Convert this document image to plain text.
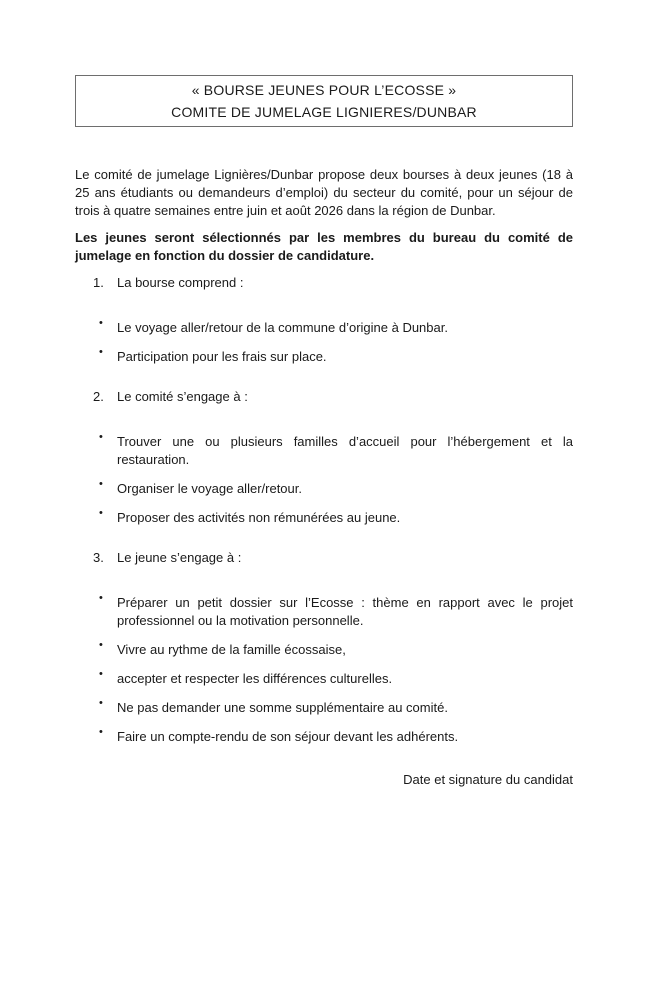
« BOURSE JEUNES POUR L’ECOSSE »

COMITE DE JUMELAGE LIGNIERES/DUNBAR

Le comité de jumelage Lignières/Dunbar propose deux bourses à deux jeunes (18 à 25 ans étudiants ou demandeurs d’emploi) du secteur du comité, pour un séjour de trois à quatre semaines entre juin et août 2026 dans la région de Dunbar.

Les jeunes seront sélectionnés par les membres du bureau du comité de jumelage en fonction du dossier de candidature.

1.	La bourse comprend :
• Le voyage aller/retour de la commune d’origine à Dunbar.
• Participation pour les frais sur place.
2.	Le comité s’engage à :
• Trouver une ou plusieurs familles d’accueil pour l’hébergement et la restauration.
• Organiser le voyage aller/retour.
• Proposer des activités non rémunérées au jeune.
3.	Le jeune s’engage à :
• Préparer un petit dossier sur l’Ecosse : thème en rapport avec le projet professionnel ou la motivation personnelle.
• Vivre au rythme de la famille écossaise,
• accepter et respecter les différences culturelles.
• Ne pas demander une somme supplémentaire au comité.
• Faire un compte-rendu de son séjour devant les adhérents.

Date et signature du candidat
